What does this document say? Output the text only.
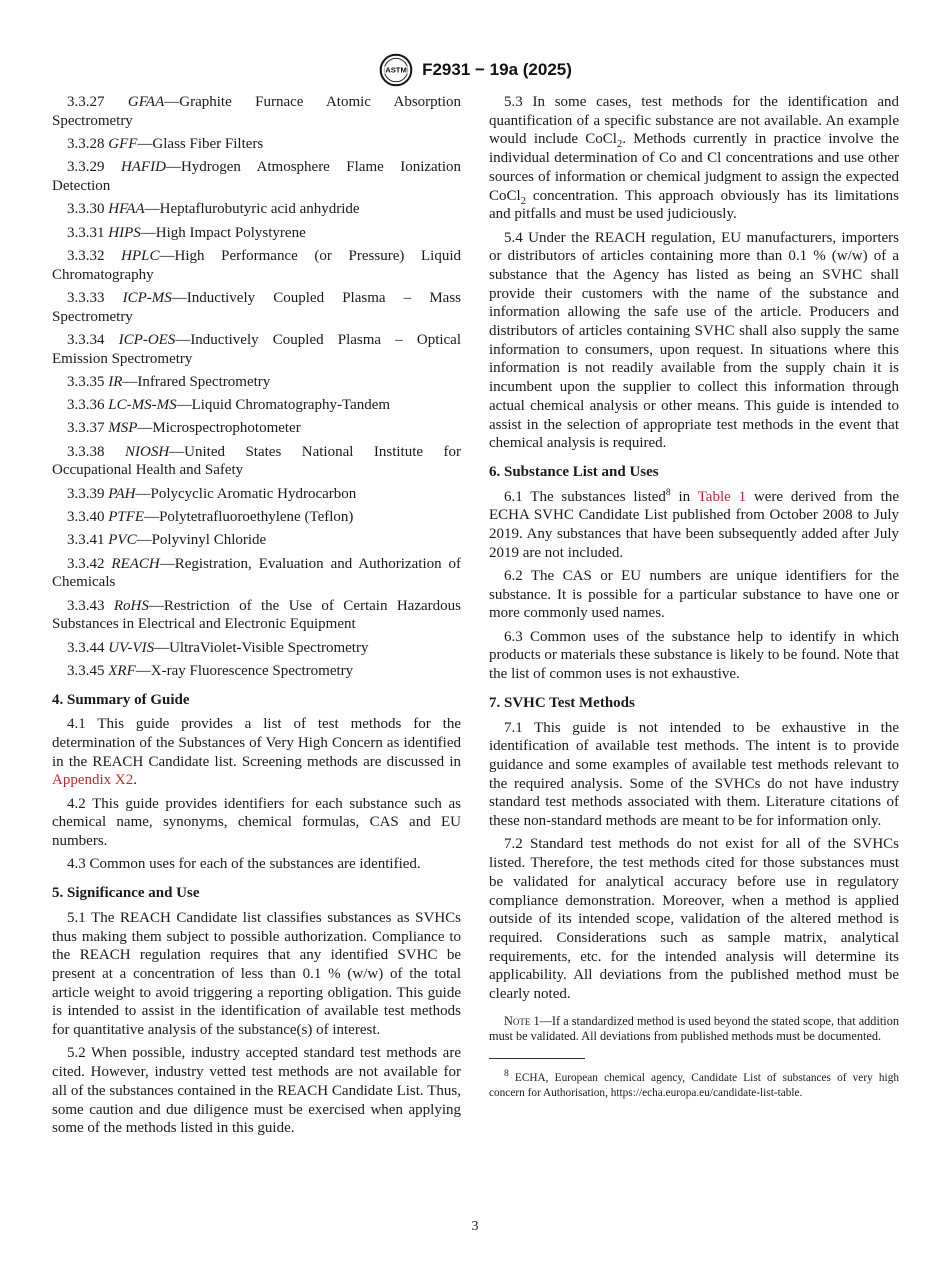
ASTM F2931 − 19a (2025)

3.3.27 GFAA—Graphite Furnace Atomic Absorption Spectrometry

3.3.28 GFF—Glass Fiber Filters

3.3.29 HAFID—Hydrogen Atmosphere Flame Ionization Detection

3.3.30 HFAA—Heptaflurobutyric acid anhydride

3.3.31 HIPS—High Impact Polystyrene

3.3.32 HPLC—High Performance (or Pressure) Liquid Chromatography

3.3.33 ICP-MS—Inductively Coupled Plasma – Mass Spectrometry

3.3.34 ICP-OES—Inductively Coupled Plasma – Optical Emission Spectrometry

3.3.35 IR—Infrared Spectrometry

3.3.36 LC-MS-MS—Liquid Chromatography-Tandem

3.3.37 MSP—Microspectrophotometer

3.3.38 NIOSH—United States National Institute for Occupational Health and Safety

3.3.39 PAH—Polycyclic Aromatic Hydrocarbon

3.3.40 PTFE—Polytetrafluoroethylene (Teflon)

3.3.41 PVC—Polyvinyl Chloride

3.3.42 REACH—Registration, Evaluation and Authorization of Chemicals

3.3.43 RoHS—Restriction of the Use of Certain Hazardous Substances in Electrical and Electronic Equipment

3.3.44 UV-VIS—UltraViolet-Visible Spectrometry

3.3.45 XRF—X-ray Fluorescence Spectrometry

4. Summary of Guide

4.1 This guide provides a list of test methods for the determination of the Substances of Very High Concern as identified in the REACH Candidate list. Screening methods are discussed in Appendix X2.

4.2 This guide provides identifiers for each substance such as chemical name, synonyms, chemical formulas, CAS and EU numbers.

4.3 Common uses for each of the substances are identified.

5. Significance and Use

5.1 The REACH Candidate list classifies substances as SVHCs thus making them subject to possible authorization. Compliance to the REACH regulation requires that any identified SVHC be present at a concentration of less than 0.1 % (w/w) of the total article weight to avoid triggering a reporting obligation. This guide is intended to assist in the identification of available test methods for quantitative analysis of the substance(s) of interest.

5.2 When possible, industry accepted standard test methods are cited. However, industry vetted test methods are not available for all of the substances contained in the REACH Candidate List. Thus, some caution and due diligence must be exercised when applying some of the methods listed in this guide.

5.3 In some cases, test methods for the identification and quantification of a specific substance are not available. An example would include CoCl$_2$. Methods currently in practice involve the individual determination of Co and Cl concentrations and use other sources of information or chemical judgment to assign the expected CoCl$_2$ concentration. This approach obviously has its limitations and pitfalls and must be used judiciously.

5.4 Under the REACH regulation, EU manufacturers, importers or distributors of articles containing more than 0.1 % (w/w) of a substance that the Agency has listed as being an SVHC shall provide their customers with the name of the substance and information allowing the safe use of the article. Producers and distributors of articles containing SVHC shall also supply the same information to consumers, upon request. In situations where this information is not readily available from the supply chain it is incumbent upon the supplier to collect this information through actual chemical analysis or other means. This guide is intended to assist in the selection of appropriate test methods in the event that chemical analysis is required.

6. Substance List and Uses

6.1 The substances listed$^8$ in Table 1 were derived from the ECHA SVHC Candidate List published from October 2008 to July 2019. Any substances that have been subsequently added after July 2019 are not included.

6.2 The CAS or EU numbers are unique identifiers for the substance. It is possible for a particular substance to have one or more commonly used names.

6.3 Common uses of the substance help to identify in which products or materials these substance is likely to be found. Note that the list of common uses is not exhaustive.

7. SVHC Test Methods

7.1 This guide is not intended to be exhaustive in the identification of available test methods. The intent is to provide guidance and some examples of available test methods relevant to the required analysis. Some of the SVHCs do not have industry standard test methods associated with them. Literature citations of these non-standard methods are meant to be for information only.

7.2 Standard test methods do not exist for all of the SVHCs listed. Therefore, the test methods cited for those substances must be validated for analytical accuracy before use in regulatory compliance demonstration. Moreover, when a method is applied outside of its intended scope, validation of the altered method is required. Considerations such as sample matrix, analytical requirements, etc. for the intended analysis will determine its applicability. All deviations from the published method must be clearly noted.

Note 1—If a standardized method is used beyond the stated scope, that addition must be validated. All deviations from published methods must be documented.

$^8$ ECHA, European chemical agency, Candidate List of substances of very high concern for Authorisation, https://echa.europa.eu/candidate-list-table.

3
